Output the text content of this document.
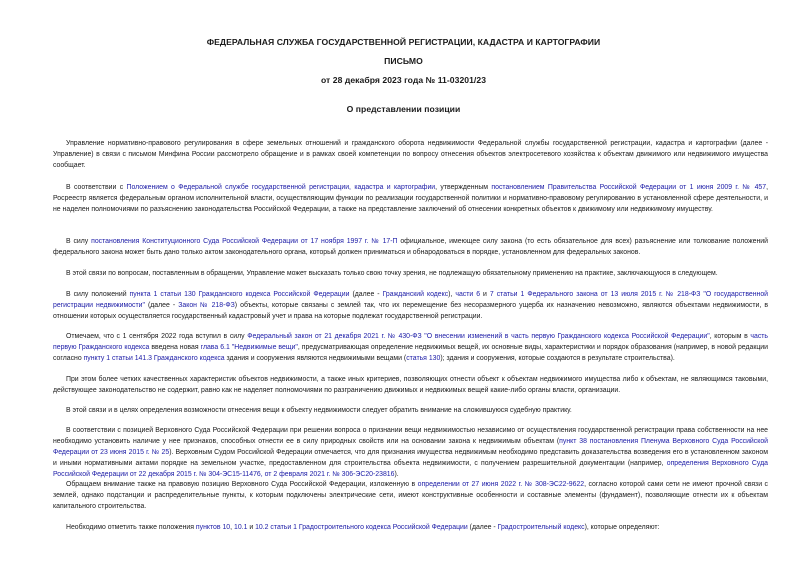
ФЕДЕРАЛЬНАЯ СЛУЖБА ГОСУДАРСТВЕННОЙ РЕГИСТРАЦИИ, КАДАСТРА И КАРТОГРАФИИ
ПИСЬМО
от 28 декабря 2023 года № 11-03201/23
О представлении позиции

Управление нормативно-правового регулирования в сфере земельных отношений и гражданского оборота недвижимости Федеральной службы государственной регистрации, кадастра и картографии (далее - Управление) в связи с письмом Минфина России рассмотрело обращение и в рамках своей компетенции по вопросу отнесения объектов электросетевого хозяйства к объектам движимого или недвижимого имущества сообщает.

В соответствии с Положением о Федеральной службе государственной регистрации, кадастра и картографии, утвержденным постановлением Правительства Российской Федерации от 1 июня 2009 г. № 457, Росреестр является федеральным органом исполнительной власти, осуществляющим функции по реализации государственной политики и нормативно-правовому регулированию в установленной сфере деятельности, и не наделен полномочиями по разъяснению законодательства Российской Федерации, а также на представление заключений об отнесении конкретных объектов к движимому или недвижимому имуществу.

В силу постановления Конституционного Суда Российской Федерации от 17 ноября 1997 г. № 17-П официальное, имеющее силу закона (то есть обязательное для всех) разъяснение или толкование положений федерального закона может быть дано только актом законодательного органа, который должен приниматься и обнародоваться в порядке, установленном для федеральных законов.

В этой связи по вопросам, поставленным в обращении, Управление может высказать только свою точку зрения, не подлежащую обязательному применению на практике, заключающуюся в следующем.

В силу положений пункта 1 статьи 130 Гражданского кодекса Российской Федерации (далее - Гражданский кодекс), части 6 и 7 статьи 1 Федерального закона от 13 июля 2015 г. № 218-ФЗ "О государственной регистрации недвижимости" (далее - Закон № 218-ФЗ) объекты, которые связаны с землей так, что их перемещение без несоразмерного ущерба их назначению невозможно, являются объектами недвижимости, в отношении которых осуществляется государственный кадастровый учет и права на которые подлежат государственной регистрации.

Отмечаем, что с 1 сентября 2022 года вступил в силу Федеральный закон от 21 декабря 2021 г. № 430-ФЗ "О внесении изменений в часть первую Гражданского кодекса Российской Федерации", которым в часть первую Гражданского кодекса введена новая глава 6.1 "Недвижимые вещи", предусматривающая определение недвижимых вещей, их основные виды, характеристики и порядок образования (например, в новой редакции согласно пункту 1 статьи 141.3 Гражданского кодекса здания и сооружения являются недвижимыми вещами (статья 130); здания и сооружения, которые создаются в результате строительства).

При этом более четких качественных характеристик объектов недвижимости, а также иных критериев, позволяющих отнести объект к объектам недвижимого имущества либо к объектам, не являющимся таковыми, действующее законодательство не содержит, равно как не наделяет полномочиями по разграничению движимых и недвижимых вещей какие-либо органы власти, организации.

В этой связи и в целях определения возможности отнесения вещи к объекту недвижимости следует обратить внимание на сложившуюся судебную практику.

В соответствии с позицией Верховного Суда Российской Федерации при решении вопроса о признании вещи недвижимостью независимо от осуществления государственной регистрации права собственности на нее необходимо установить наличие у нее признаков, способных отнести ее в силу природных свойств или на основании закона к недвижимым объектам (пункт 38 постановления Пленума Верховного Суда Российской Федерации от 23 июня 2015 г. № 25). Верховным Судом Российской Федерации отмечается, что для признания имущества недвижимым необходимо представить доказательства возведения его в установленном законом и иными нормативными актами порядке на земельном участке, предоставленном для строительства объекта недвижимости, с получением разрешительной документации (например, определения Верховного Суда Российской Федерации от 22 декабря 2015 г. № 304-ЭС15-11476, от 2 февраля 2021 г. № 306-ЭС20-23816).

Обращаем внимание также на правовую позицию Верховного Суда Российской Федерации, изложенную в определении от 27 июня 2022 г. № 308-ЭС22-9622, согласно которой сами сети не имеют прочной связи с землей, однако подстанции и распределительные пункты, к которым подключены электрические сети, имеют конструктивные особенности и составные элементы (фундамент), позволяющие отнести их к объектам капитального строительства.

Необходимо отметить также положения пунктов 10, 10.1 и 10.2 статьи 1 Градостроительного кодекса Российской Федерации (далее - Градостроительный кодекс), которые определяют:
